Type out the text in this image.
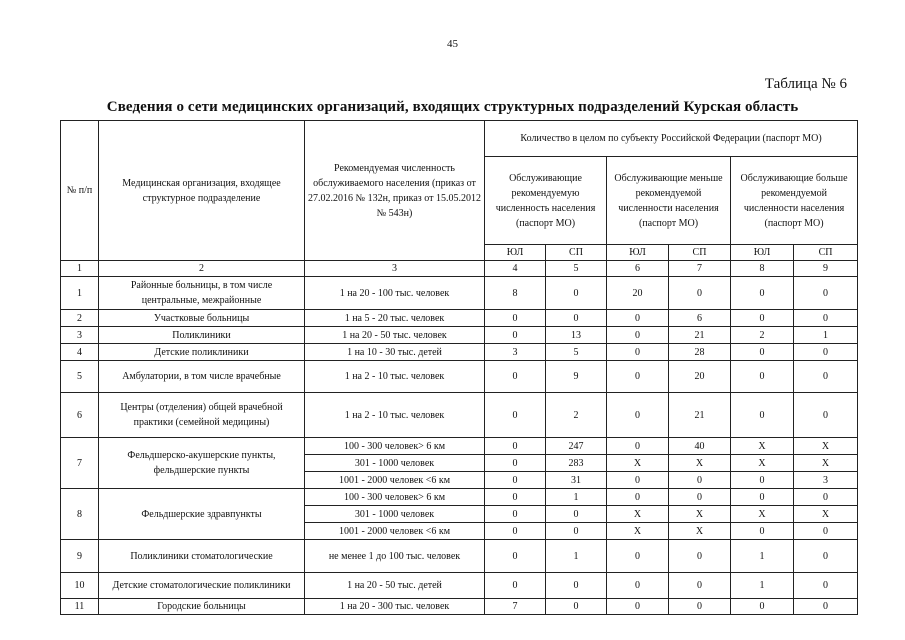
45
Таблица № 6
Сведения о сети медицинских организаций, входящих структурных подразделений Курская область
№ п/п	Медицинская организация, входящее структурное подразделение	Рекомендуемая численность обслуживаемого населения (приказ от 27.02.2016 № 132н, приказ от 15.05.2012 № 543н)	Количество в целом по субъекту Российской Федерации (паспорт МО)					
			Обслуживающие рекомендуемую численность населения (паспорт МО)		Обслуживающие меньше рекомендуемой численности населения (паспорт МО)		Обслуживающие больше рекомендуемой численности населения (паспорт МО)	
			ЮЛ	СП	ЮЛ	СП	ЮЛ	СП
1	2	3	4	5	6	7	8	9
1	Районные больницы, в том числе центральные, межрайонные	1 на 20 - 100 тыс. человек	8	0	20	0	0	0
2	Участковые больницы	1 на 5 - 20 тыс. человек	0	0	0	6	0	0
3	Поликлиники	1 на 20 - 50 тыс. человек	0	13	0	21	2	1
4	Детские поликлиники	1 на 10 - 30 тыс. детей	3	5	0	28	0	0
5	Амбулатории, в том числе врачебные	1 на 2 - 10 тыс. человек	0	9	0	20	0	0
6	Центры (отделения) общей врачебной практики (семейной медицины)	1 на 2 - 10 тыс. человек	0	2	0	21	0	0
7	Фельдшерско-акушерские пункты, фельдшерские пункты	100 - 300 человек> 6 км	0	247	0	40	X	X
		301 - 1000 человек	0	283	X	X	X	X
		1001 - 2000 человек <6 км	0	31	0	0	0	3
8	Фельдшерские здравпункты	100 - 300 человек> 6 км	0	1	0	0	0	0
		301 - 1000 человек	0	0	X	X	X	X
		1001 - 2000 человек <6 км	0	0	X	X	0	0
9	Поликлиники стоматологические	не менее 1 до 100 тыс. человек	0	1	0	0	1	0
10	Детские стоматологические поликлиники	1 на 20 - 50 тыс. детей	0	0	0	0	1	0
11	Городские больницы	1 на 20 - 300 тыс. человек	7	0	0	0	0	0
